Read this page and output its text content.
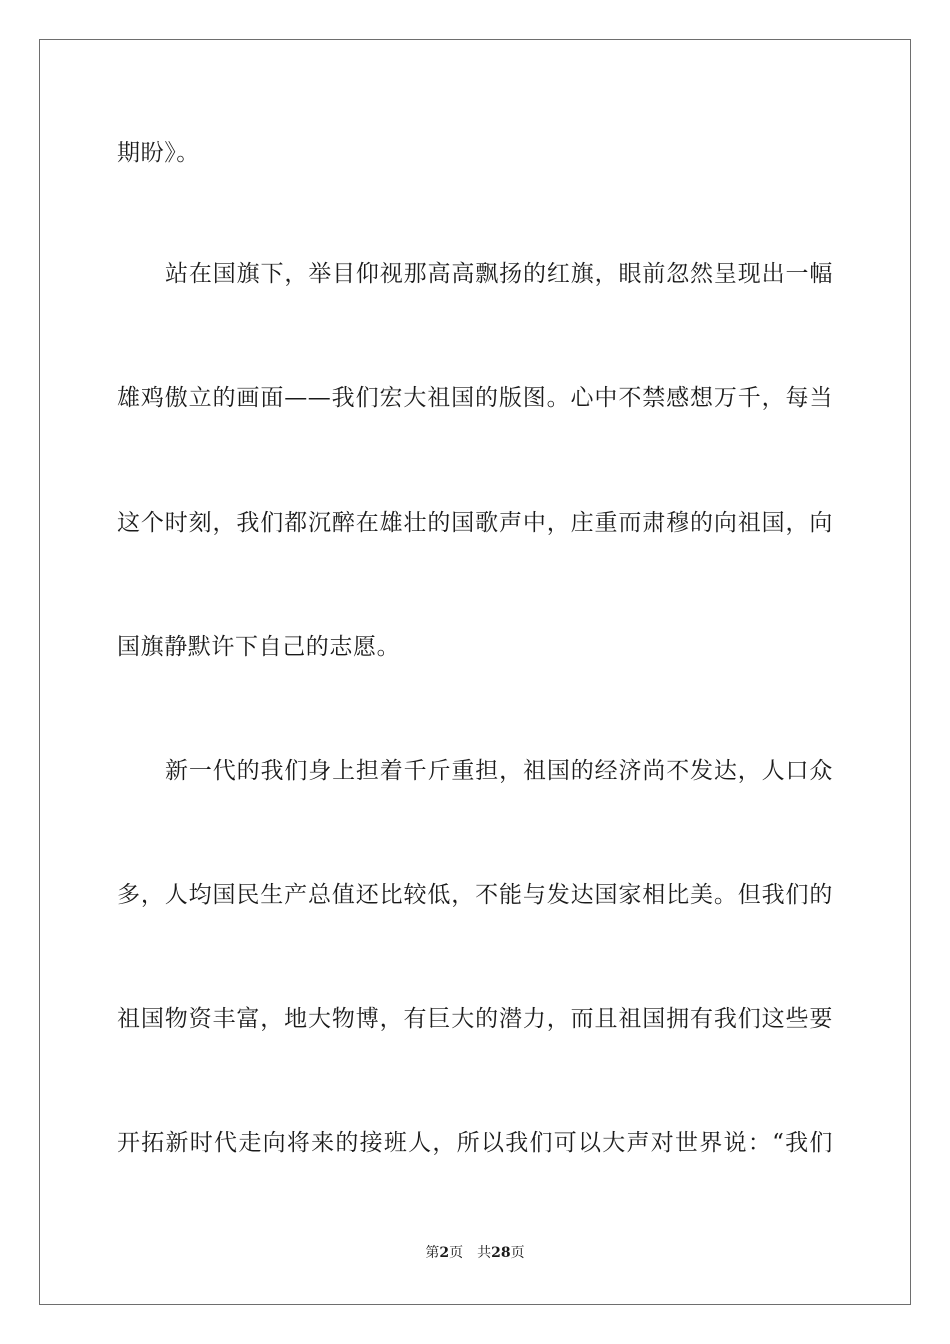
期盼》。
站在国旗下，举目仰视那高高飘扬的红旗，眼前忽然呈现出一幅
雄鸡傲立的画面——我们宏大祖国的版图。心中不禁感想万千，每当
这个时刻，我们都沉醉在雄壮的国歌声中，庄重而肃穆的向祖国，向
国旗静默许下自己的志愿。
新一代的我们身上担着千斤重担，祖国的经济尚不发达，人口众
多，人均国民生产总值还比较低，不能与发达国家相比美。但我们的
祖国物资丰富，地大物博，有巨大的潜力，而且祖国拥有我们这些要
开拓新时代走向将来的接班人，所以我们可以大声对世界说：“我们
第2页 共28页
